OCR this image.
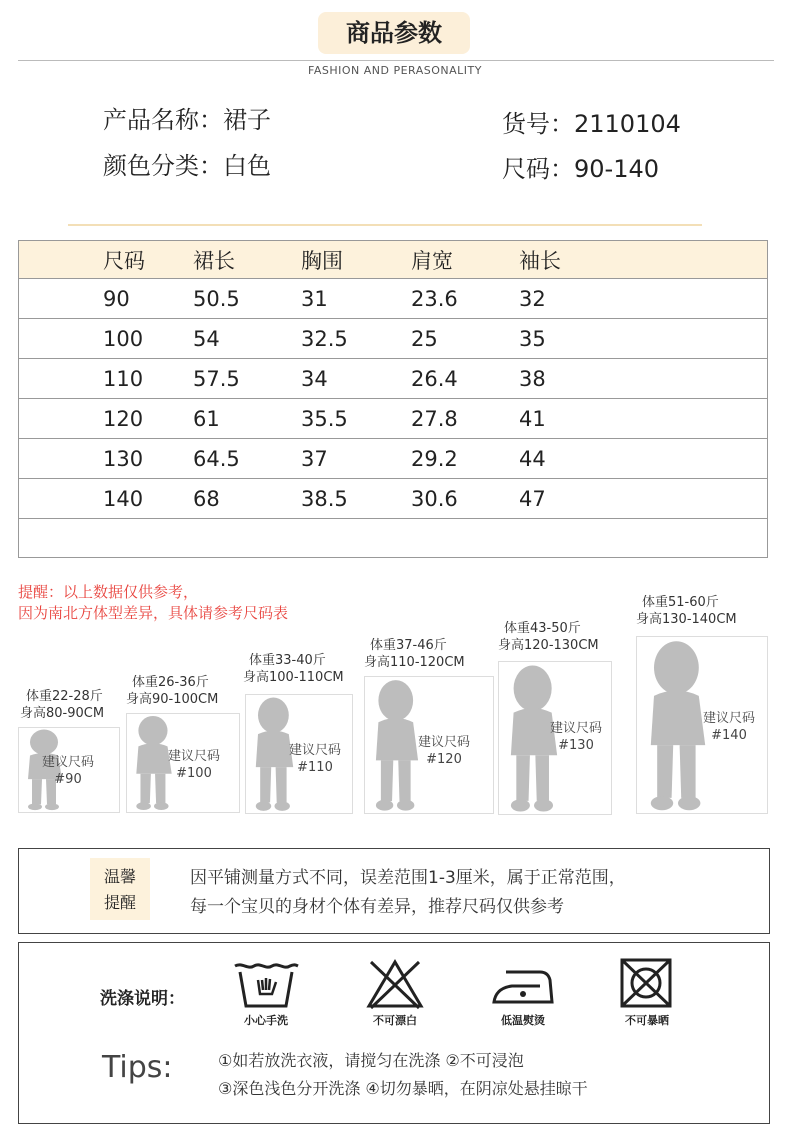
商品参数
FASHION AND PERASONALITY
产品名称：裙子
颜色分类：白色
货号：2110104
尺码：90-140
尺码	裙长	胸围	肩宽	袖长
90	50.5	31	23.6	32
100	54	32.5	25	35
110	57.5	34	26.4	38
120	61	35.5	27.8	41
130	64.5	37	29.2	44
140	68	38.5	30.6	47

提醒：以上数据仅供参考，
因为南北方体型差异，具体请参考尺码表
体重22-28斤
身高80-90CM
建议尺码
#90
体重26-36斤
身高90-100CM
建议尺码
#100
体重33-40斤
身高100-110CM
建议尺码
#110
体重37-46斤
身高110-120CM
建议尺码
#120
体重43-50斤
身高120-130CM
建议尺码
#130
体重51-60斤
身高130-140CM
建议尺码
#140
温馨
提醒
因平铺测量方式不同，误差范围1-3厘米，属于正常范围，
每一个宝贝的身材个体有差异，推荐尺码仅供参考
洗涤说明：
小心手洗	不可漂白	低温熨烫	不可暴晒
Tips:	①如若放洗衣液，请搅匀在洗涤 ②不可浸泡
③深色浅色分开洗涤 ④切勿暴晒，在阴凉处悬挂晾干
